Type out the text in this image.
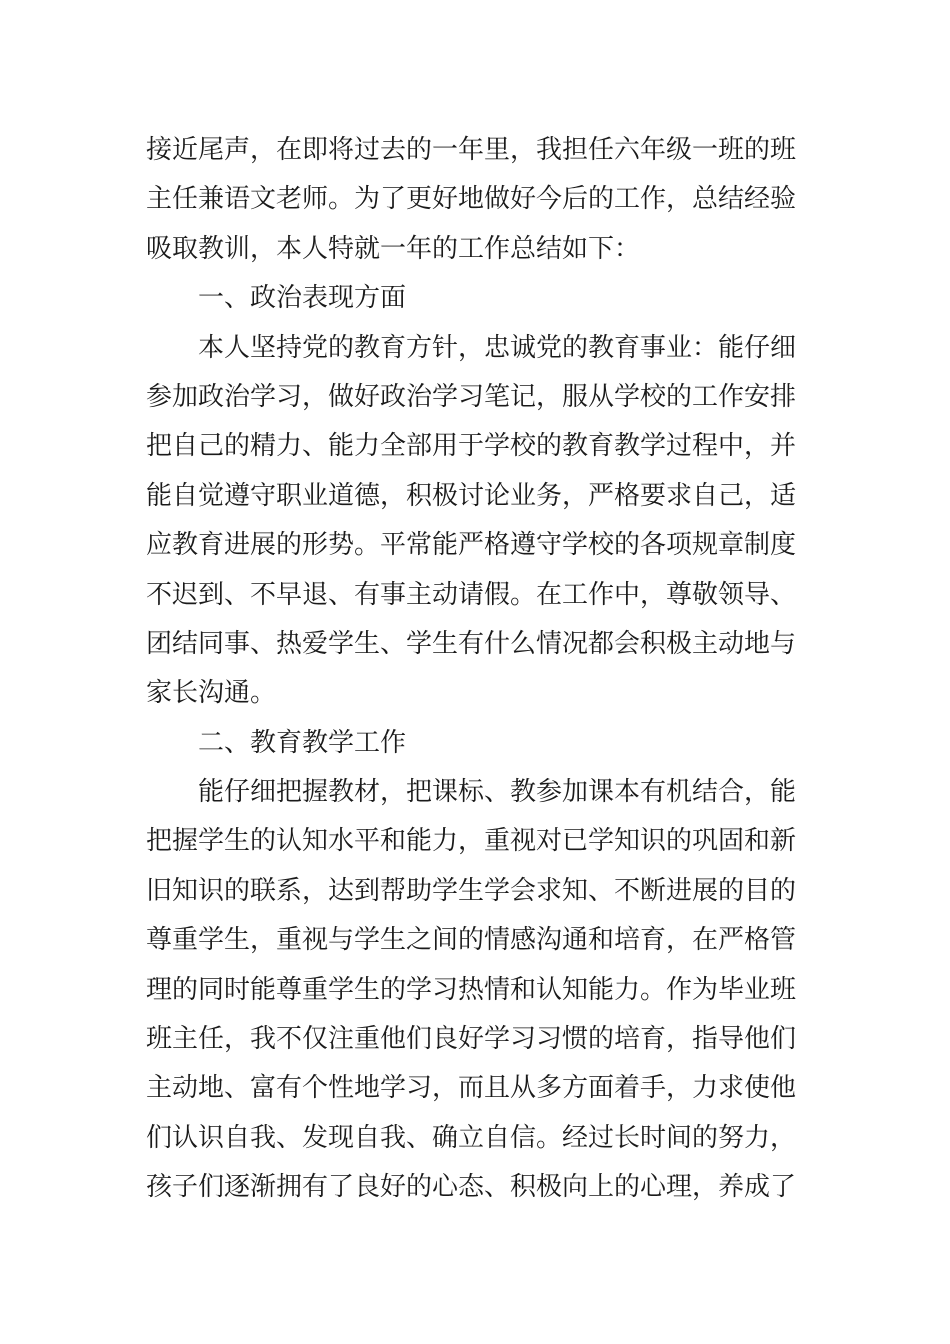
接近尾声，在即将过去的一年里，我担任六年级一班的班
主任兼语文老师。为了更好地做好今后的工作，总结经验
吸取教训，本人特就一年的工作总结如下：
一、政治表现方面
本人坚持党的教育方针，忠诚党的教育事业：能仔细
参加政治学习，做好政治学习笔记，服从学校的工作安排
把自己的精力、能力全部用于学校的教育教学过程中，并
能自觉遵守职业道德，积极讨论业务，严格要求自己，适
应教育进展的形势。平常能严格遵守学校的各项规章制度
不迟到、不早退、有事主动请假。在工作中，尊敬领导、
团结同事、热爱学生、学生有什么情况都会积极主动地与
家长沟通。
二、教育教学工作
能仔细把握教材，把课标、教参加课本有机结合，能
把握学生的认知水平和能力，重视对已学知识的巩固和新
旧知识的联系，达到帮助学生学会求知、不断进展的目的
尊重学生，重视与学生之间的情感沟通和培育，在严格管
理的同时能尊重学生的学习热情和认知能力。作为毕业班
班主任，我不仅注重他们良好学习习惯的培育，指导他们
主动地、富有个性地学习，而且从多方面着手，力求使他
们认识自我、发现自我、确立自信。经过长时间的努力，
孩子们逐渐拥有了良好的心态、积极向上的心理，养成了
